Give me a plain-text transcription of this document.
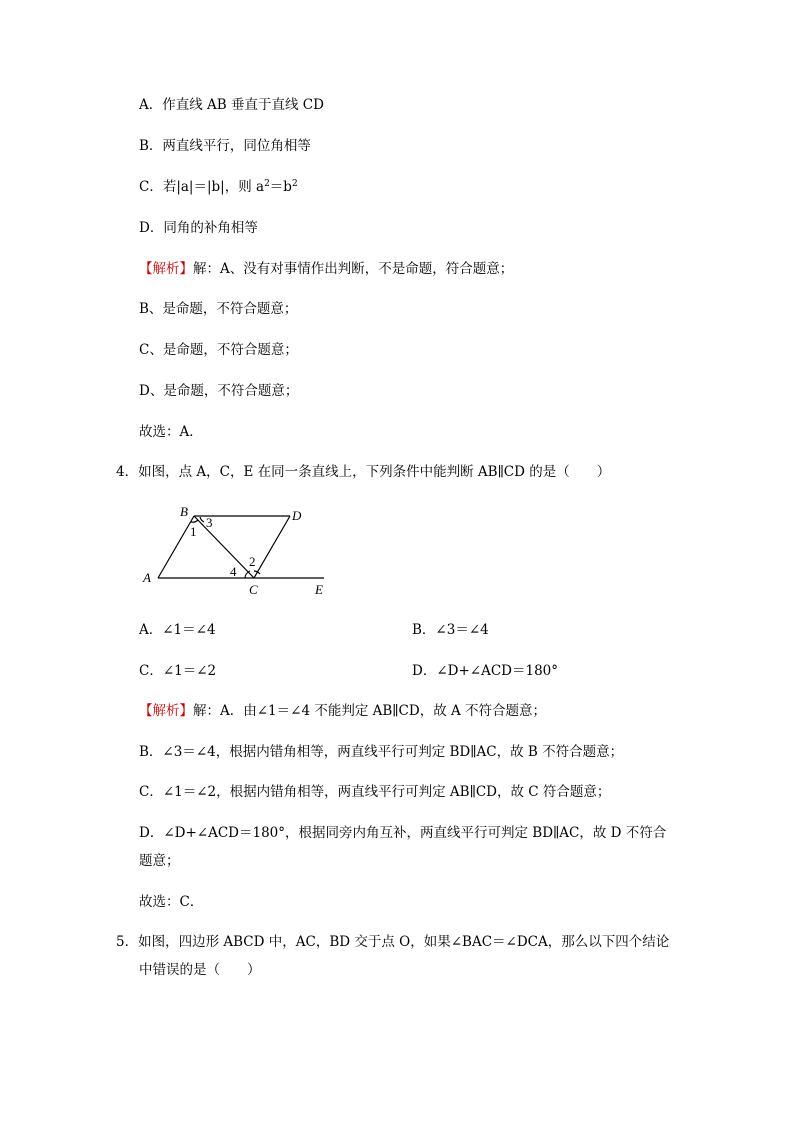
A．作直线 AB 垂直于直线 CD
B．两直线平行，同位角相等
C．若|a|＝|b|，则 $a^2=b^2$
D．同角的补角相等
【解析】解：A、没有对事情作出判断，不是命题，符合题意；
B、是命题，不符合题意；
C、是命题，不符合题意；
D、是命题，不符合题意；
故选：A．
4．如图，点 A，C，E 在同一条直线上，下列条件中能判断 AB∥CD 的是（　　）
B	D
A
C	E
1
3
4
2
A．∠1＝∠4	B．∠3＝∠4
C．∠1＝∠2	D．∠D+∠ACD＝180°
【解析】解：A．由∠1＝∠4 不能判定 AB∥CD，故 A 不符合题意；
B．∠3＝∠4，根据内错角相等，两直线平行可判定 BD∥AC，故 B 不符合题意；
C．∠1＝∠2，根据内错角相等，两直线平行可判定 AB∥CD，故 C 符合题意；
D．∠D+∠ACD＝180°，根据同旁内角互补，两直线平行可判定 BD∥AC，故 D 不符合
题意；
故选：C．
5．如图，四边形 ABCD 中，AC，BD 交于点 O，如果∠BAC＝∠DCA，那么以下四个结论
中错误的是（　　）
